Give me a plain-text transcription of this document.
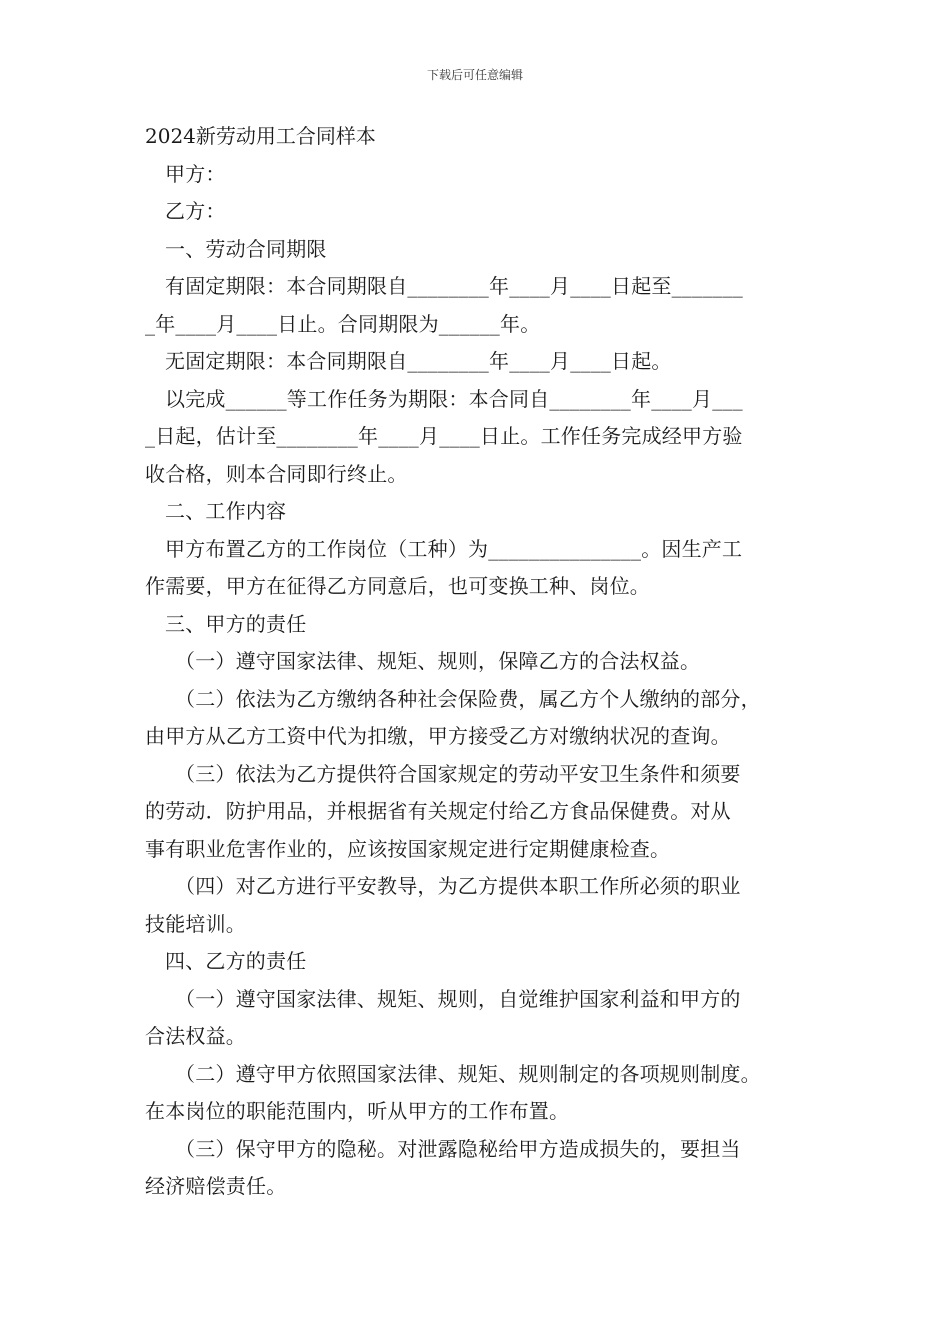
下载后可任意编辑
2024新劳动用工合同样本
甲方：
乙方：
一、劳动合同期限
有固定期限：本合同期限自________年____月____日起至_______
_年____月____日止。合同期限为______年。
无固定期限：本合同期限自________年____月____日起。
以完成______等工作任务为期限：本合同自________年____月___
_日起，估计至________年____月____日止。工作任务完成经甲方验
收合格，则本合同即行终止。
二、工作内容
甲方布置乙方的工作岗位（工种）为_______________。因生产工
作需要，甲方在征得乙方同意后，也可变换工种、岗位。
三、甲方的责任
（一）遵守国家法律、规矩、规则，保障乙方的合法权益。
（二）依法为乙方缴纳各种社会保险费，属乙方个人缴纳的部分，
由甲方从乙方工资中代为扣缴，甲方接受乙方对缴纳状况的查询。
（三）依法为乙方提供符合国家规定的劳动平安卫生条件和须要
的劳动．防护用品，并根据省有关规定付给乙方食品保健费。对从
事有职业危害作业的，应该按国家规定进行定期健康检查。
（四）对乙方进行平安教导，为乙方提供本职工作所必须的职业
技能培训。
四、乙方的责任
（一）遵守国家法律、规矩、规则，自觉维护国家利益和甲方的
合法权益。
（二）遵守甲方依照国家法律、规矩、规则制定的各项规则制度。
在本岗位的职能范围内，听从甲方的工作布置。
（三）保守甲方的隐秘。对泄露隐秘给甲方造成损失的，要担当
经济赔偿责任。
